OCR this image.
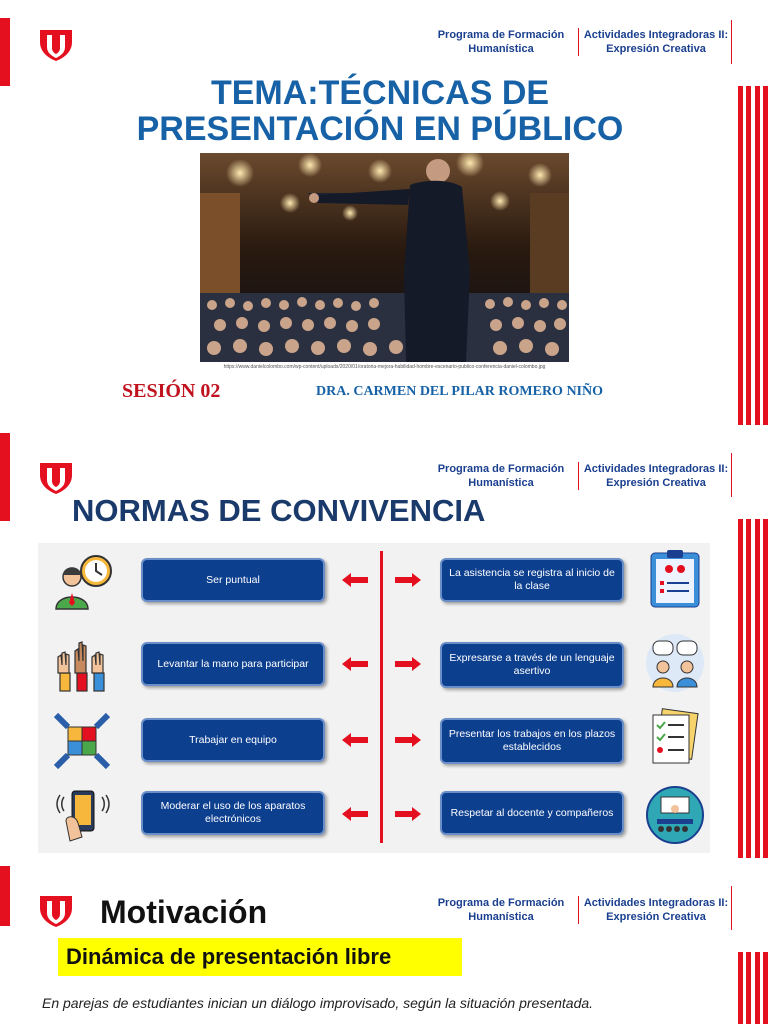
Programa de Formación Humanística
Actividades Integradoras II: Expresión Creativa
TEMA:TÉCNICAS DE
PRESENTACIÓN EN PÚBLICO
https://www.danielcolombo.com/wp-content/uploads/2020/01/oratoria-mejora-habilidad-hombre-escenario-publico-conferencia-daniel-colombo.jpg
SESIÓN 02	DRA. CARMEN DEL PILAR ROMERO NIÑO
Programa de Formación Humanística
Actividades Integradoras II: Expresión Creativa
NORMAS DE CONVIVENCIA
Ser puntual
Levantar la mano para participar
Trabajar en equipo
Moderar el uso de los aparatos electrónicos
La asistencia se registra al inicio de la clase
Expresarse a través de un lenguaje asertivo
Presentar los trabajos en los plazos establecidos
Respetar al docente y compañeros
Programa de Formación Humanística
Actividades Integradoras II: Expresión Creativa
Motivación
Dinámica de presentación libre
En parejas de estudiantes inician un diálogo improvisado, según la situación presentada.
